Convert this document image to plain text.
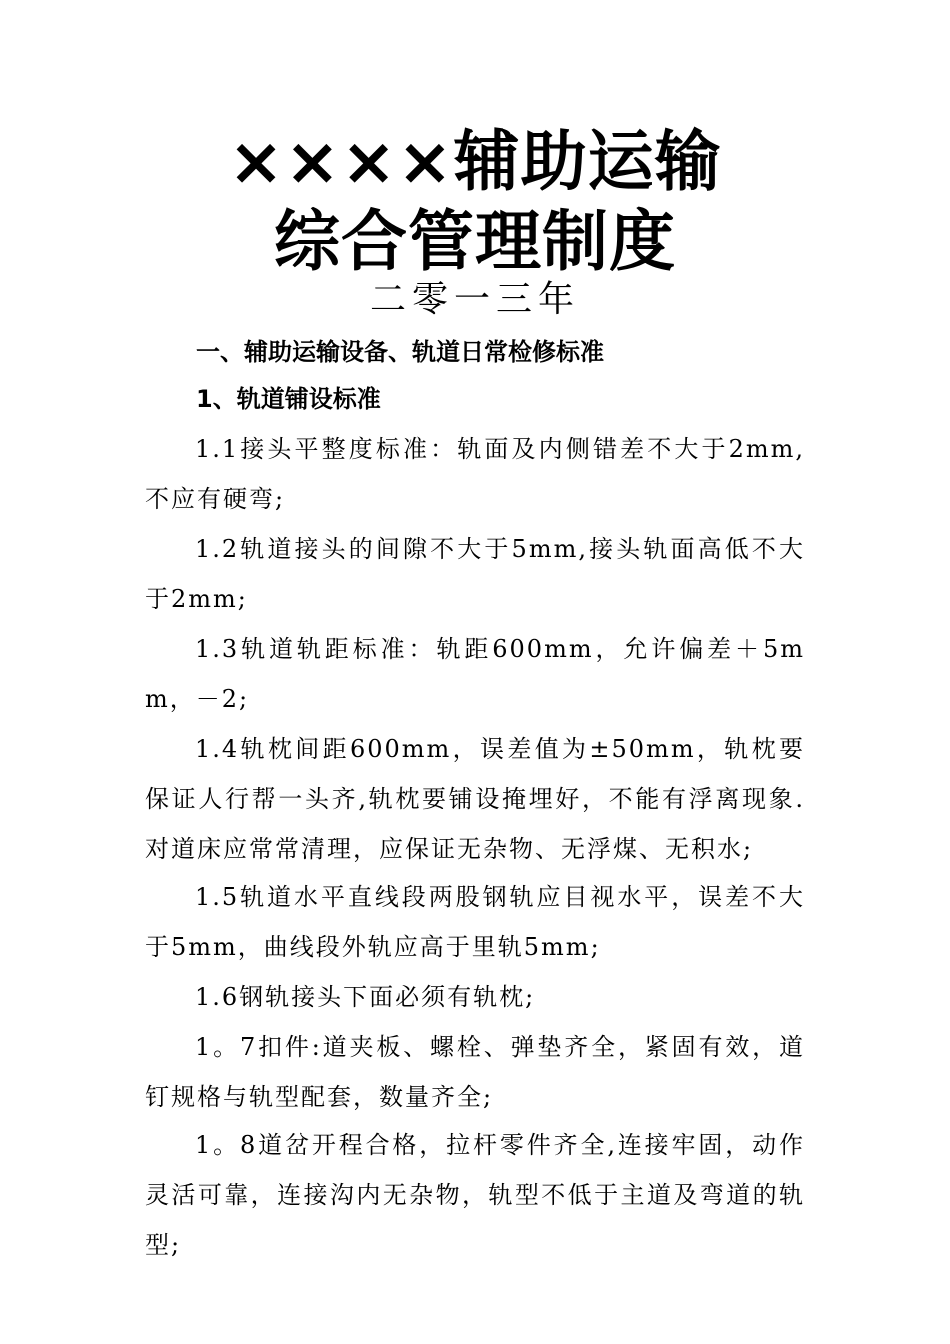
××××辅助运输
综合管理制度
二零一三年
一、辅助运输设备、轨道日常检修标准
1、轨道铺设标准

1.1接头平整度标准：轨面及内侧错差不大于2mm,不应有硬弯;

1.2轨道接头的间隙不大于5mm,接头轨面高低不大于2mm;

1.3轨道轨距标准：轨距600mm，允许偏差＋5mm，－2;

1.4轨枕间距600mm，误差值为±50mm，轨枕要保证人行帮一头齐,轨枕要铺设掩埋好，不能有浮离现象.对道床应常常清理，应保证无杂物、无浮煤、无积水;

1.5轨道水平直线段两股钢轨应目视水平，误差不大于5mm，曲线段外轨应高于里轨5mm;

1.6钢轨接头下面必须有轨枕;

1。7扣件:道夹板、螺栓、弹垫齐全，紧固有效，道钉规格与轨型配套，数量齐全;

1。8道岔开程合格，拉杆零件齐全,连接牢固，动作灵活可靠，连接沟内无杂物，轨型不低于主道及弯道的轨型;
